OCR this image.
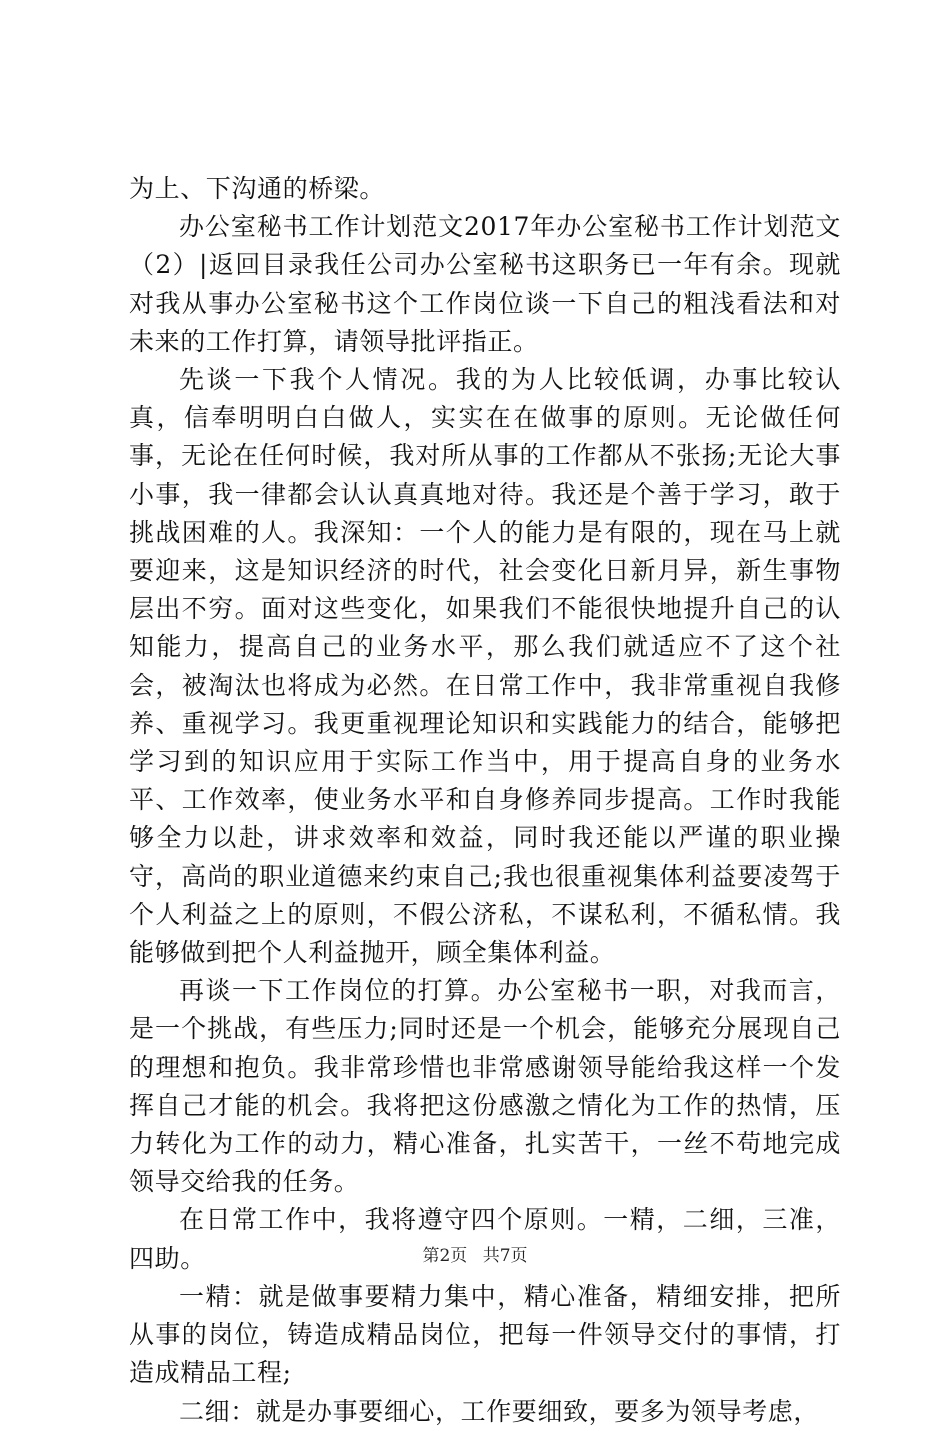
为上、下沟通的桥梁。

办公室秘书工作计划范文2017年办公室秘书工作计划范文（2）|返回目录我任公司办公室秘书这职务已一年有余。现就对我从事办公室秘书这个工作岗位谈一下自己的粗浅看法和对未来的工作打算，请领导批评指正。

先谈一下我个人情况。我的为人比较低调，办事比较认真，信奉明明白白做人，实实在在做事的原则。无论做任何事，无论在任何时候，我对所从事的工作都从不张扬;无论大事小事，我一律都会认认真真地对待。我还是个善于学习，敢于挑战困难的人。我深知：一个人的能力是有限的，现在马上就要迎来，这是知识经济的时代，社会变化日新月异，新生事物层出不穷。面对这些变化，如果我们不能很快地提升自己的认知能力，提高自己的业务水平，那么我们就适应不了这个社会，被淘汰也将成为必然。在日常工作中，我非常重视自我修养、重视学习。我更重视理论知识和实践能力的结合，能够把学习到的知识应用于实际工作当中，用于提高自身的业务水平、工作效率，使业务水平和自身修养同步提高。工作时我能够全力以赴，讲求效率和效益，同时我还能以严谨的职业操守，高尚的职业道德来约束自己;我也很重视集体利益要凌驾于个人利益之上的原则，不假公济私，不谋私利，不循私情。我能够做到把个人利益抛开，顾全集体利益。

再谈一下工作岗位的打算。办公室秘书一职，对我而言，是一个挑战，有些压力;同时还是一个机会，能够充分展现自己的理想和抱负。我非常珍惜也非常感谢领导能给我这样一个发挥自己才能的机会。我将把这份感激之情化为工作的热情，压力转化为工作的动力，精心准备，扎实苦干，一丝不苟地完成领导交给我的任务。

在日常工作中，我将遵守四个原则。一精，二细，三准，四助。

一精：就是做事要精力集中，精心准备，精细安排，把所从事的岗位，铸造成精品岗位，把每一件领导交付的事情，打造成精品工程;

二细：就是办事要细心，工作要细致，要多为领导考虑，

第2页 共7页
